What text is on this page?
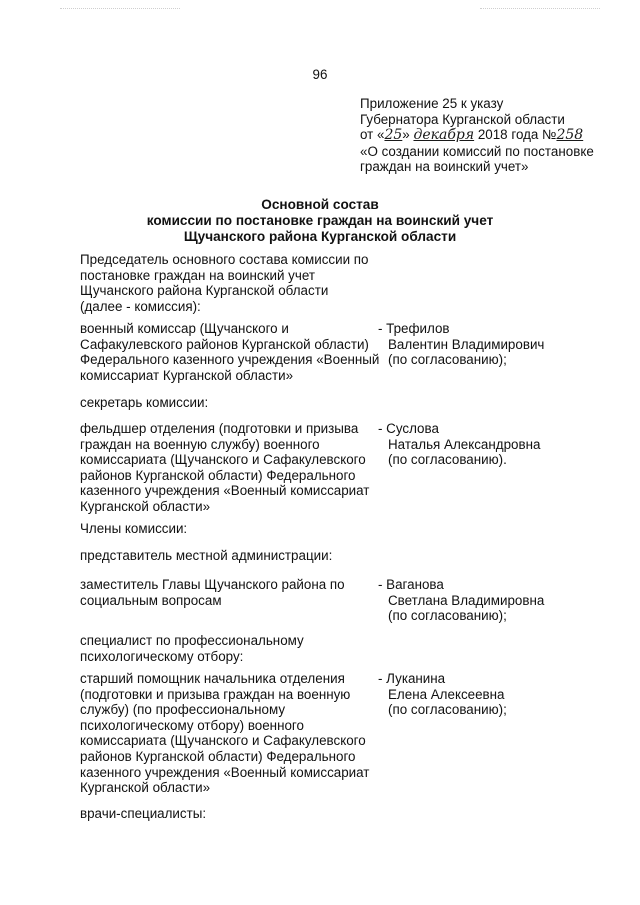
96
Приложение 25 к указу
Губернатора Курганской области
от «25» декабря 2018 года №258
«О создании комиссий по постановке
граждан на воинский учет»
Основной состав
комиссии по постановке граждан на воинский учет
Щучанского района Курганской области
Председатель основного состава комиссии по
постановке граждан на воинский учет
Щучанского района Курганской области
(далее - комиссия):
военный комиссар (Щучанского и
Сафакулевского районов Курганской области)
Федерального казенного учреждения «Военный
комиссариат Курганской области»
- Трефилов
Валентин Владимирович
(по согласованию);
секретарь комиссии:
фельдшер отделения (подготовки и призыва
граждан на военную службу) военного
комиссариата (Щучанского и Сафакулевского
районов Курганской области) Федерального
казенного учреждения «Военный комиссариат
Курганской области»
- Суслова
Наталья Александровна
(по согласованию).
Члены комиссии:
представитель местной администрации:
заместитель Главы Щучанского района по
социальным вопросам
- Ваганова
Светлана Владимировна
(по согласованию);
специалист по профессиональному
психологическому отбору:
старший помощник начальника отделения
(подготовки и призыва граждан на военную
службу) (по профессиональному
психологическому отбору) военного
комиссариата (Щучанского и Сафакулевского
районов Курганской области) Федерального
казенного учреждения «Военный комиссариат
Курганской области»
- Луканина
Елена Алексеевна
(по согласованию);
врачи-специалисты:
